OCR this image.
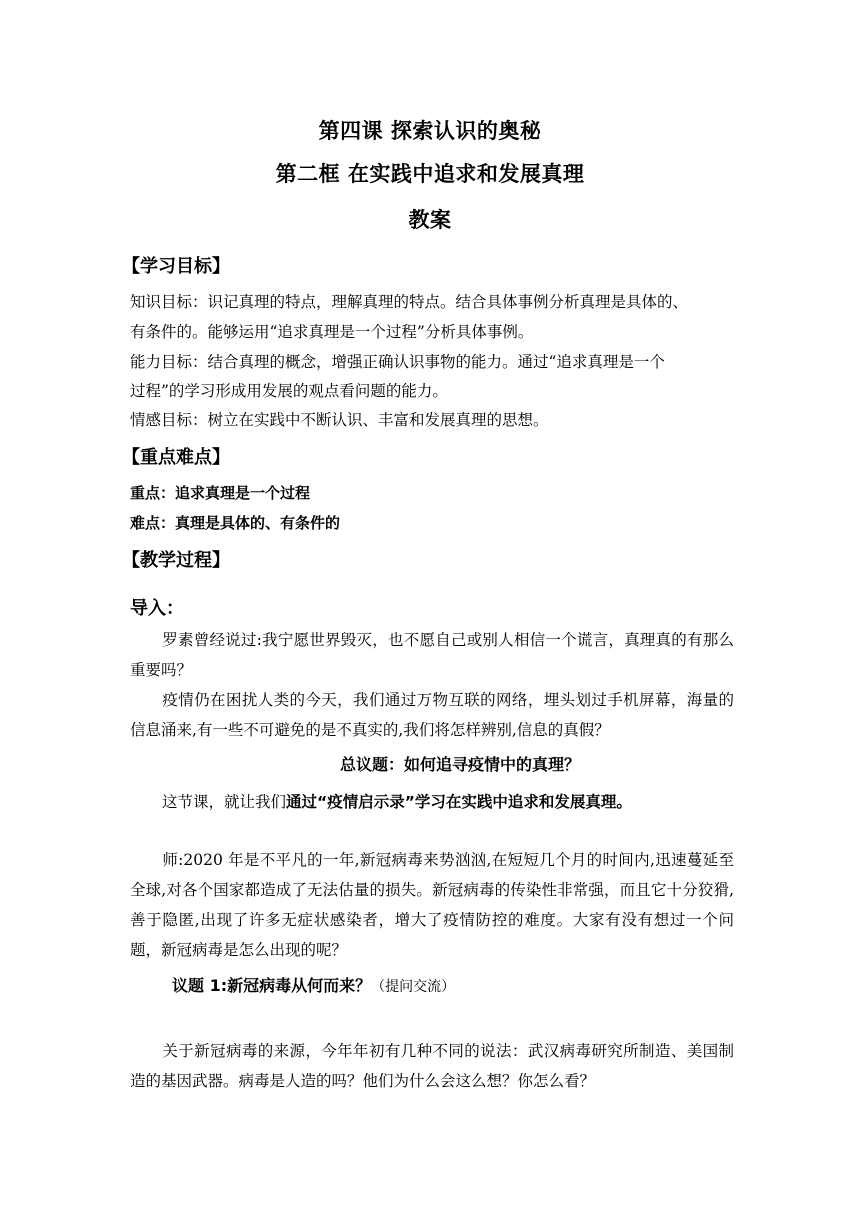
第四课 探索认识的奥秘
第二框 在实践中追求和发展真理
教案
【学习目标】
知识目标：识记真理的特点，理解真理的特点。结合具体事例分析真理是具体的、
有条件的。能够运用“追求真理是一个过程”分析具体事例。
能力目标：结合真理的概念，增强正确认识事物的能力。通过“追求真理是一个
过程”的学习形成用发展的观点看问题的能力。
情感目标：树立在实践中不断认识、丰富和发展真理的思想。
【重点难点】
重点：追求真理是一个过程
难点：真理是具体的、有条件的
【教学过程】
导入：
罗素曾经说过:我宁愿世界毁灭，也不愿自己或别人相信一个谎言，真理真的有那么重要吗？
疫情仍在困扰人类的今天，我们通过万物互联的网络，埋头划过手机屏幕，海量的信息涌来,有一些不可避免的是不真实的,我们将怎样辨别,信息的真假？
总议题：如何追寻疫情中的真理？
这节课，就让我们通过“疫情启示录”学习在实践中追求和发展真理。
师:2020 年是不平凡的一年,新冠病毒来势汹汹,在短短几个月的时间内,迅速蔓延至全球,对各个国家都造成了无法估量的损失。新冠病毒的传染性非常强，而且它十分狡猾,善于隐匿,出现了许多无症状感染者，增大了疫情防控的难度。大家有没有想过一个问题，新冠病毒是怎么出现的呢？
议题 1:新冠病毒从何而来？（提问交流）
关于新冠病毒的来源，今年年初有几种不同的说法：武汉病毒研究所制造、美国制造的基因武器。病毒是人造的吗？他们为什么会这么想？你怎么看？
